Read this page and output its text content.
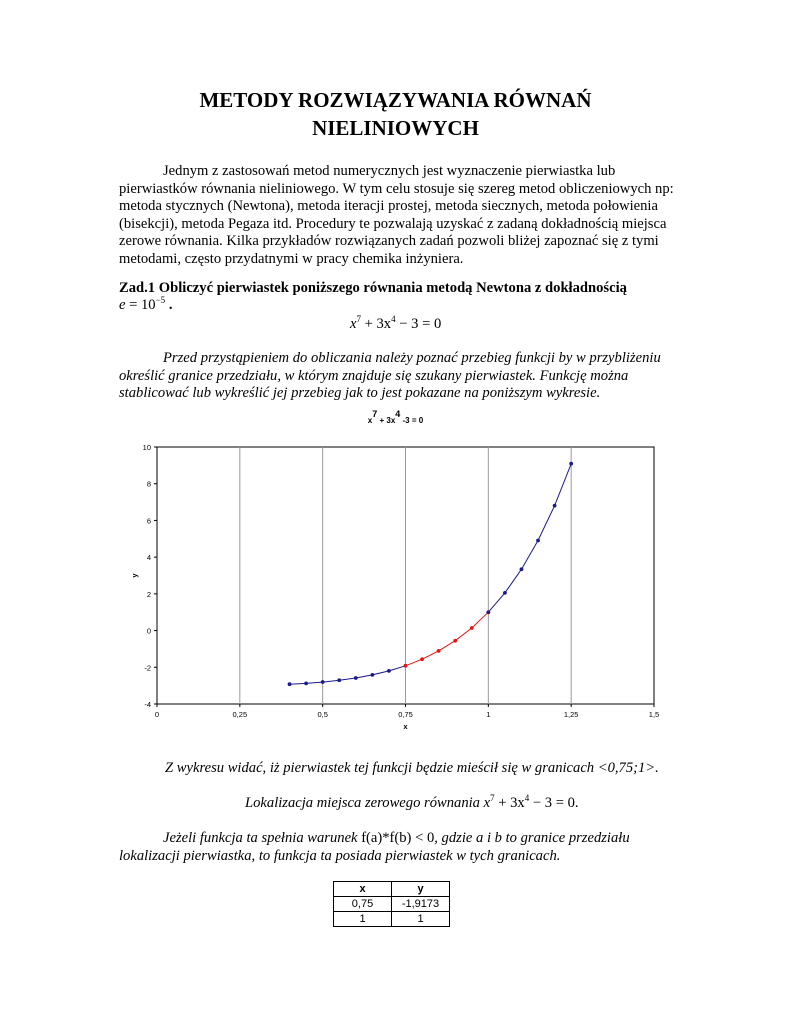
METODY ROZWIĄZYWANIA RÓWNAŃ
NIELINIOWYCH
Jednym z zastosowań metod numerycznych jest wyznaczenie pierwiastka lub pierwiastków równania nieliniowego. W tym celu stosuje się szereg metod obliczeniowych np: metoda stycznych (Newtona), metoda iteracji prostej, metoda siecznych, metoda połowienia (bisekcji), metoda Pegaza itd. Procedury te pozwalają uzyskać z zadaną dokładnością miejsca zerowe równania. Kilka przykładów rozwiązanych zadań pozwoli bliżej zapoznać się z tymi metodami, często przydatnymi w pracy chemika inżyniera.
Zad.1 Obliczyć pierwiastek poniższego równania metodą Newtona z dokładnością
$e = 10^{-5}$ .
$x^7 + 3x^4 - 3 = 0$
Przed przystąpieniem do obliczania należy poznać przebieg funkcji by w przybliżeniu określić granice przedziału, w którym znajduje się szukany pierwiastek. Funkcję można stablicować lub wykreślić jej przebieg jak to jest pokazane na poniższym wykresie.
$x^7 + 3x^4$ -3 = 0
0	0,25	0,5	0,75	1	1,25	1,5
-4
-2
0
2
4
6
8
10
x
y
Z wykresu widać, iż pierwiastek tej funkcji będzie mieścił się w granicach <0,75;1>.
Lokalizacja miejsca zerowego równania $x^7 + 3x^4 - 3 = 0$.
Jeżeli funkcja ta spełnia warunek f(a)*f(b) < 0, gdzie a i b to granice przedziału lokalizacji pierwiastka, to funkcja ta posiada pierwiastek w tych granicach.
x	y
0,75	-1,9173
1	1
